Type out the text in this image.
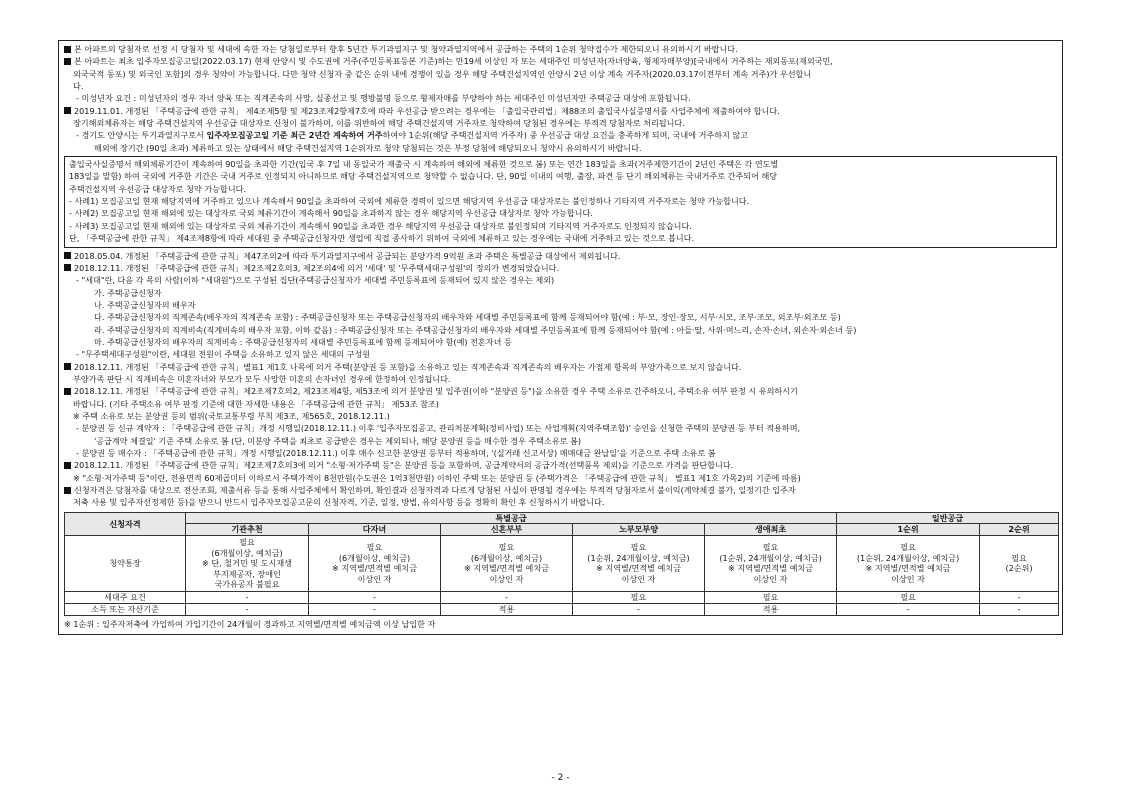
본 아파트의 당첨자로 선정 시 당첨자 및 세대에 속한 자는 당첨일로부터 향후 5년간 투기과열지구 및 청약과열지역에서 공급하는 주택의 1순위 청약접수가 제한되오니 유의하시기 바랍니다.
본 아파트는 최초 입주자모집공고일(2022.03.17) 현재 안양시 및 수도권에 거주(주민등록표등본 기준)하는 만19세 이상인 자 또는 세대주인 미성년자(자녀양육, 형제자매부양)[국내에서 거주하는 재외동포(재외국민,
외국국적 동포) 및 외국인 포함]의 경우 청약이 가능합니다. 다만 청약 신청자 중 같은 순위 내에 경쟁이 있을 경우 해당 주택건설지역인 안양시 2년 이상 계속 거주자(2020.03.17이전부터 계속 거주)가 우선합니
다.
- 미성년자 요건 : 미성년자의 경우 자녀 양육 또는 직계존속의 사망, 실종선고 및 행방불명 등으로 형제자매를 부양하야 하는 세대주인 미성년자만 주택공급 대상에 포함됩니다.
2019.11.01. 개정된 「주택공급에 관한 규칙」 제4조제5항 및 제23조제2항제7호에 따라 우선공급 받으려는 경우에는 「출입국관리법」제88조의 출입국사실증명서를 사업주체에 제출하여야 합니다.
장기해외체류자는 해당 주택건설지역 우선공급 대상자로 신청이 불가하며, 이를 위반하여 해당 주택건설지역 거주자로 청약하여 당첨된 경우에는 부적격 당첨자로 처리됩니다.
- 경기도 안양시는 투기과열지구로서 입주자모집공고일 기준 최근 2년간 계속하여 거주하여야 1순위(해당 주택건설지역 거주자) 중 우선공급 대상 요건을 충족하게 되며, 국내에 거주하지 않고
해외에 장기간 (90일 초과) 체류하고 있는 상태에서 해당 주택건설지역 1순위자로 청약 당첨되는 것은 부정 당첨에 해당되오니 청약시 유의하시기 바랍니다.
출입국사실증명서 해외체류기간이 계속하여 90일을 초과한 기간(입국 후 7일 내 동일국가 재출국 시 계속하여 해외에 체류한 것으로 봄) 또는 연간 183일을 초과(거주제한기간이 2년인 주택은 각 연도별
183일을 말함) 하여 국외에 거주한 기간은 국내 거주로 인정되지 아니하므로 해당 주택건설지역으로 청약할 수 없습니다. 단, 90일 이내의 여행, 출장, 파견 등 단기 해외체류는 국내거주로 간주되어 해당
주택건설지역 우선공급 대상자로 청약 가능합니다.
- 사례1) 모집공고일 현재 해당지역에 거주하고 있으나 계속해서 90일을 초과하여 국외에 체류한 경력이 있으면 해당지역 우선공급 대상자로는 불인정하나 기타지역 거주자로는 청약 가능합니다.
- 사례2) 모집공고일 현재 해외에 있는 대상자로 국외 체류기간이 계속해서 90일을 초과하지 않는 경우 해당지역 우선공급 대상자로 청약 가능합니다.
- 사례3) 모집공고일 현재 해외에 있는 대상자로 국외 체류기간이 계속해서 90일을 초과한 경우 해당지역 우선공급 대상자로 불인정되며 기타지역 거주자로도 인정되지 않습니다.
단, 「주택공급에 관한 규칙」 제4조제8항에 따라 세대원 중 주택공급신청자만 생업에 직접 종사하기 위하여 국외에 체류하고 있는 경우에는 국내에 거주하고 있는 것으로 봅니다.
2018.05.04. 개정된 「주택공급에 관한 규칙」제47조의2에 따라 투기과열지구에서 공급되는 분양가격 9억원 초과 주택은 특별공급 대상에서 제외됩니다.
2018.12.11. 개정된 「주택공급에 관한 규칙」제2조제2호의3, 제2조의4에 의거 '세대' 및 '무주택세대구성원'의 정의가 변경되었습니다.
- "세대"란, 다음 각 목의 사람(이하 "세대원")으로 구성된 집단(주택공급신청자가 세대별 주민등록표에 등재되어 있지 않은 경우는 제외)
가. 주택공급신청자
나. 주택공급신청자의 배우자
다. 주택공급신청자의 직계존속(배우자의 직계존속 포함) : 주택공급신청자 또는 주택공급신청자의 배우자와 세대별 주민등록표에 함께 등재되어야 함(예 : 부·모, 장인·장모, 시부·시모, 조부·조모, 외조부·외조모 등)
라. 주택공급신청자의 직계비속(직계비속의 배우자 포함, 이하 같음) : 주택공급신청자 또는 주택공급신청자의 배우자와 세대별 주민등록표에 함께 등재되어야 함(예 : 아들·딸, 사위·며느리, 손자·손녀, 외손자·외손녀 등)
마. 주택공급신청자의 배우자의 직계비속 : 주택공급신청자의 세대별 주민등록표에 함께 등재되어야 함(예) 전혼자녀 등
- "무주택세대구성원"이란, 세대원 전원이 주택을 소유하고 있지 않은 세대의 구성원
2018.12.11. 개정된 「주택공급에 관한 규칙」별표1 제1호 나목에 의거 주택(분양권 등 포함)을 소유하고 있는 직계존속과 직계존속의 배우자는 가점제 항목의 부양가족으로 보지 않습니다.
부양가족 판단 시 직계비속은 미혼자녀와 부모가 모두 사망한 미혼의 손자녀인 경우에 한정하여 인정됩니다.
2018.12.11. 개정된 「주택공급에 관한 규칙」제2조제7호의2, 제23조제4항, 제53조에 의거 분양권 및 입주권(이하 "분양권 등")을 소유한 경우 주택 소유로 간주하오니, 주택소유 여부 판정 시 유의하시기
바랍니다. (기타 주택소유 여부 판정 기준에 대한 자세한 내용은 「주택공급에 관한 규칙」 제53조 참조)
※ 주택 소유로 보는 분양권 등의 범위(국토교통부령 부칙 제3조, 제565호, 2018.12.11.)
- 분양권 등 신규 계약자 : 「주택공급에 관한 규칙」개정 시행일(2018.12.11.) 이후 '입주자모집공고, 관리처분계획(정비사업) 또는 사업계획(지역주택조합)' 승인을 신청한 주택의 분양권 등 부터 적용하며,
'공급계약 체결일' 기준 주택 소유로 봄 (단, 미분양 주택을 최초로 공급받은 경우는 제외되나, 해당 분양권 등을 매수한 경우 주택소유로 봄)
- 분양권 등 매수자 : 「주택공급에 관한 규칙」개정 시행일(2018.12.11.) 이후 매수 신고한 분양권 등부터 적용하며, '(실거래 신고서상) 매매대금 완납일'을 기준으로 주택 소유로 봄
2018.12.11. 개정된 「주택공급에 관한 규칙」제2조제7호의3에 의거 "소형·저가주택 등"은 분양권 등을 포함하며, 공급계약서의 공급가격(선택품목 제외)을 기준으로 가격을 판단합니다.
※ "소형·저가주택 등"이란, 전용면적 60제곱미터 이하로서 주택가격이 8천만원(수도권은 1억3천만원) 이하인 주택 또는 분양권 등 (주택가격은 「주택공급에 관한 규칙」 별표1 제1호 가목2)의 기준에 따름)
신청자격은 당첨자를 대상으로 전산조회, 제출서류 등을 통해 사업주체에서 확인하며, 확인결과 신청자격과 다르게 당첨된 사실이 판명될 경우에는 부적격 당첨자로서 불이익(계약체결 불가, 일정기간 입주자
저축 사용 및 입주자선정제한 등)을 받으니 반드시 입주자모집공고문의 신청자격, 기준, 일정, 방법, 유의사항 등을 정확히 확인 후 신청하시기 바랍니다.
신청자격	특별공급					일반공급	
	기관추천	다자녀	신혼부부	노부모부양	생애최초	1순위	2순위
청약통장	필요
(6개월이상, 예치금)
※ 단, 철거민 및 도시재생
부지제공자, 장애인
국가유공자 불필요	필요
(6개월이상, 예치금)
※ 지역별/면적별 예치금
이상인 자	필요
(6개월이상, 예치금)
※ 지역별/면적별 예치금
이상인 자	필요
(1순위, 24개월이상, 예치금)
※ 지역별/면적별 예치금
이상인 자	필요
(1순위, 24개월이상, 예치금)
※ 지역별/면적별 예치금
이상인 자	필요
(1순위, 24개월이상, 예치금)
※ 지역별/면적별 예치금
이상인 자	필요
(2순위)

세대주 요건	-	-	-	필요	필요	필요	-
소득 또는 자산기준	-	-	적용	-	적용	-	-
※ 1순위 : 입주자저축에 가입하여 가입기간이 24개월이 경과하고 지역별/면적별 예치금액 이상 납입한 자
- 2 -
